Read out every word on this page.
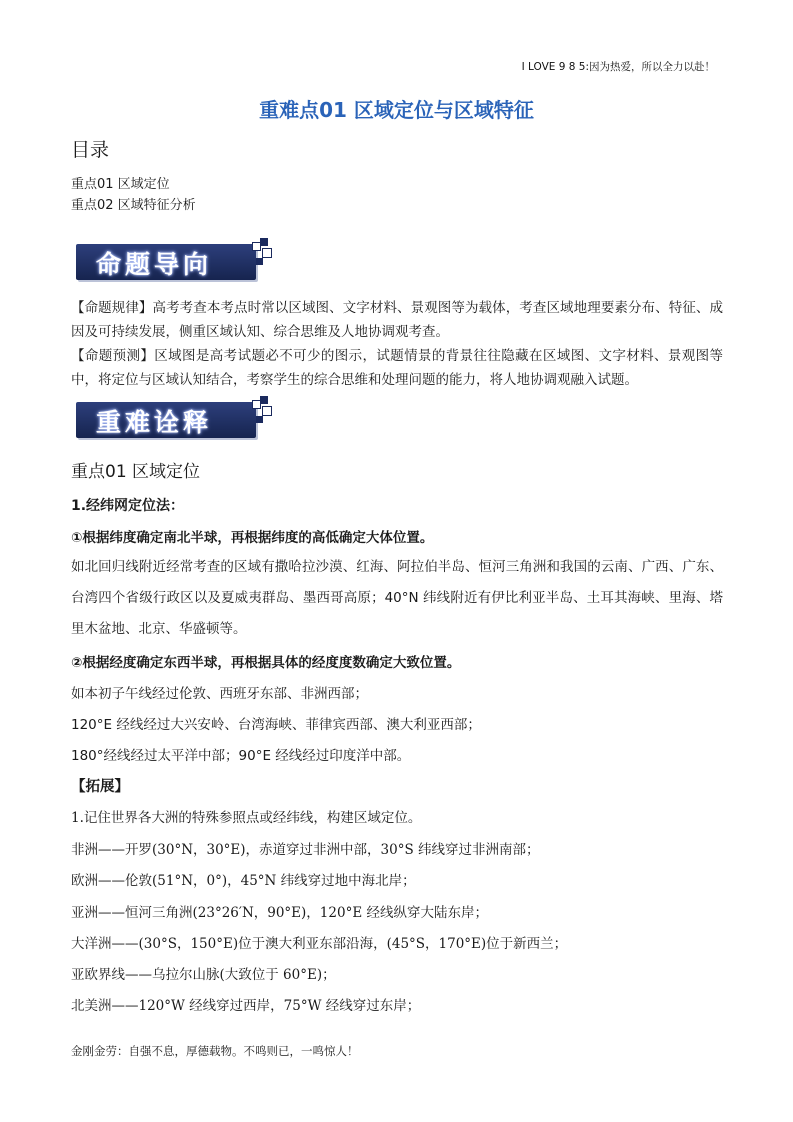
I LOVE 9 8 5:因为热爱，所以全力以赴！
重难点01 区域定位与区域特征
目录
重点01 区域定位
重点02 区域特征分析
命题导向
【命题规律】高考考查本考点时常以区域图、文字材料、景观图等为载体，考查区域地理要素分布、特征、成因及可持续发展，侧重区域认知、综合思维及人地协调观考查。
【命题预测】区域图是高考试题必不可少的图示，试题情景的背景往往隐藏在区域图、文字材料、景观图等中，将定位与区域认知结合，考察学生的综合思维和处理问题的能力，将人地协调观融入试题。
重难诠释
重点01 区域定位
1.经纬网定位法：
①根据纬度确定南北半球，再根据纬度的高低确定大体位置。
如北回归线附近经常考查的区域有撒哈拉沙漠、红海、阿拉伯半岛、恒河三角洲和我国的云南、广西、广东、台湾四个省级行政区以及夏威夷群岛、墨西哥高原；40°N 纬线附近有伊比利亚半岛、土耳其海峡、里海、塔里木盆地、北京、华盛顿等。
②根据经度确定东西半球，再根据具体的经度度数确定大致位置。
如本初子午线经过伦敦、西班牙东部、非洲西部；
120°E 经线经过大兴安岭、台湾海峡、菲律宾西部、澳大利亚西部；
180°经线经过太平洋中部；90°E 经线经过印度洋中部。
【拓展】
1.记住世界各大洲的特殊参照点或经纬线，构建区域定位。
非洲——开罗(30°N，30°E)，赤道穿过非洲中部，30°S 纬线穿过非洲南部；
欧洲——伦敦(51°N，0°)，45°N 纬线穿过地中海北岸；
亚洲——恒河三角洲(23°26′N，90°E)，120°E 经线纵穿大陆东岸；
大洋洲——(30°S，150°E)位于澳大利亚东部沿海，(45°S，170°E)位于新西兰；
亚欧界线——乌拉尔山脉(大致位于 60°E)；
北美洲——120°W 经线穿过西岸，75°W 经线穿过东岸；
金刚金劳：自强不息，厚德载物。不鸣则已，一鸣惊人！
